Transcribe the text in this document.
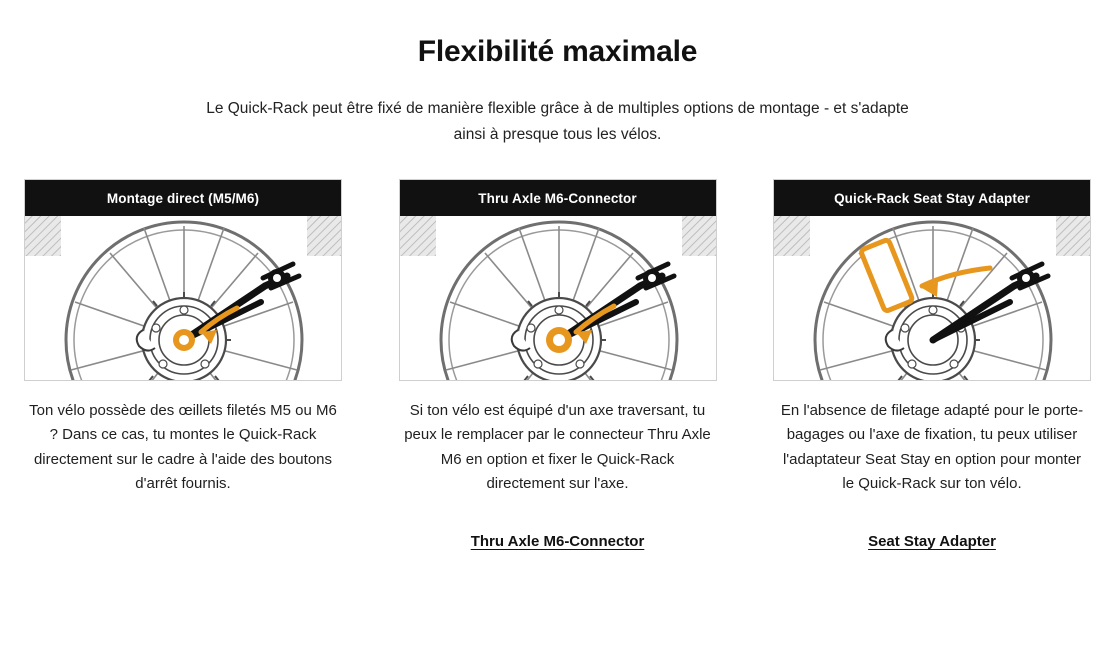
Flexibilité maximale

Le Quick-Rack peut être fixé de manière flexible grâce à de multiples options de montage - et s'adapte ainsi à presque tous les vélos.

Montage direct (M5/M6)

Ton vélo possède des œillets filetés M5 ou M6 ? Dans ce cas, tu montes le Quick-Rack directement sur le cadre à l'aide des boutons d'arrêt fournis.

Thru Axle M6-Connector

Si ton vélo est équipé d'un axe traversant, tu peux le remplacer par le connecteur Thru Axle M6 en option et fixer le Quick-Rack directement sur l'axe.

Thru Axle M6-Connector
Quick-Rack Seat Stay Adapter

En l'absence de filetage adapté pour le porte-bagages ou l'axe de fixation, tu peux utiliser l'adaptateur Seat Stay en option pour monter le Quick-Rack sur ton vélo.

Seat Stay Adapter
